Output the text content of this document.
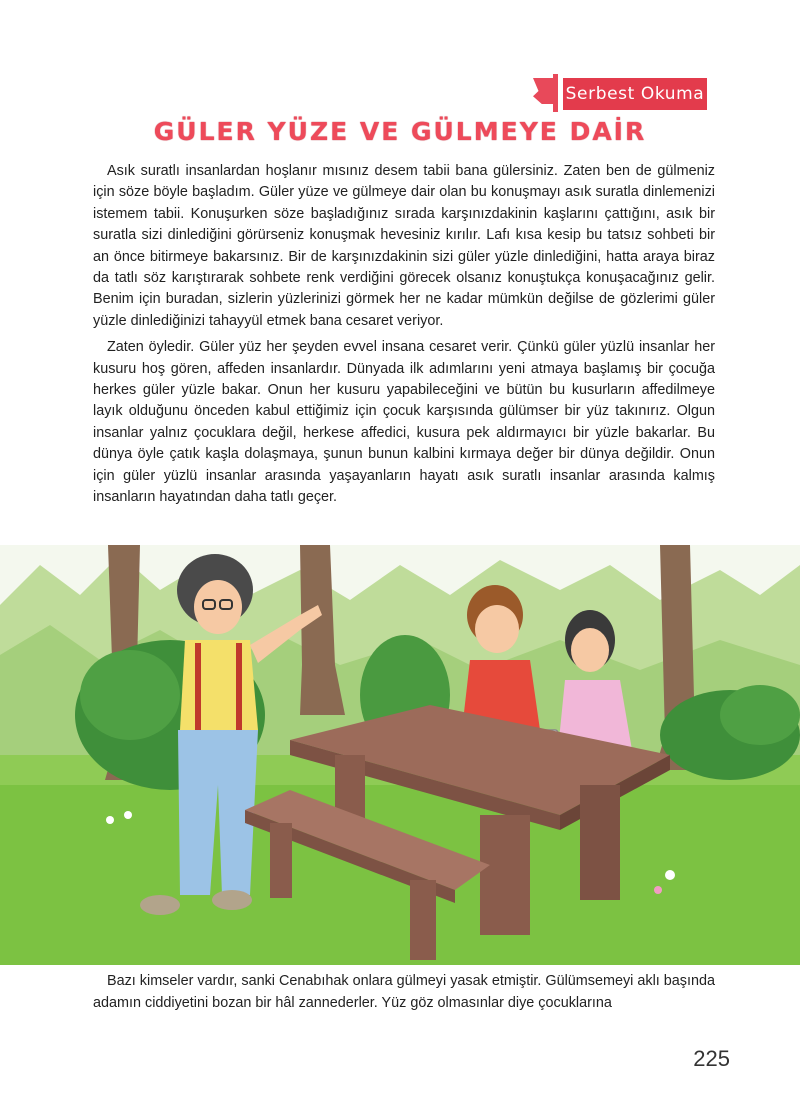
Serbest Okuma
GÜLER YÜZE VE GÜLMEYE DAİR

Asık suratlı insanlardan hoşlanır mısınız desem tabii bana gülersiniz. Zaten ben de gülmeniz için söze böyle başladım. Güler yüze ve gülmeye dair olan bu konuşmayı asık suratla dinlemenizi istemem tabii. Konuşurken söze başladığınız sırada karşınızdakinin kaşlarını çattığını, asık bir suratla sizi dinlediğini görürseniz konuşmak hevesiniz kırılır. Lafı kısa kesip bu tatsız sohbeti bir an önce bitirmeye bakarsınız. Bir de karşınızdakinin sizi güler yüzle dinlediğini, hatta araya biraz da tatlı söz karıştırarak sohbete renk verdiğini görecek olsanız konuştukça konuşacağınız gelir. Benim için buradan, sizlerin yüzlerinizi görmek her ne kadar mümkün değilse de gözlerimi güler yüzle dinlediğinizi tahayyül etmek bana cesaret veriyor.

Zaten öyledir. Güler yüz her şeyden evvel insana cesaret verir. Çünkü güler yüzlü insanlar her kusuru hoş gören, affeden insanlardır. Dünyada ilk adımlarını yeni atmaya başlamış bir çocuğa herkes güler yüzle bakar. Onun her kusuru yapabileceğini ve bütün bu kusurların affedilmeye layık olduğunu önceden kabul ettiğimiz için çocuk karşısında gülümser bir yüz takınırız. Olgun insanlar yalnız çocuklara değil, herkese affedici, kusura pek aldırmayıcı bir yüzle bakarlar. Bu dünya öyle çatık kaşla dolaşmaya, şunun bunun kalbini kırmaya değer bir dünya değildir. Onun için güler yüzlü insanlar arasında yaşayanların hayatı asık suratlı insanlar arasında kalmış insanların hayatından daha tatlı geçer.

Bazı kimseler vardır, sanki Cenabıhak onlara gülmeyi yasak etmiştir. Gülümsemeyi aklı başında adamın ciddiyetini bozan bir hâl zannederler. Yüz göz olmasınlar diye çocuklarına

225
